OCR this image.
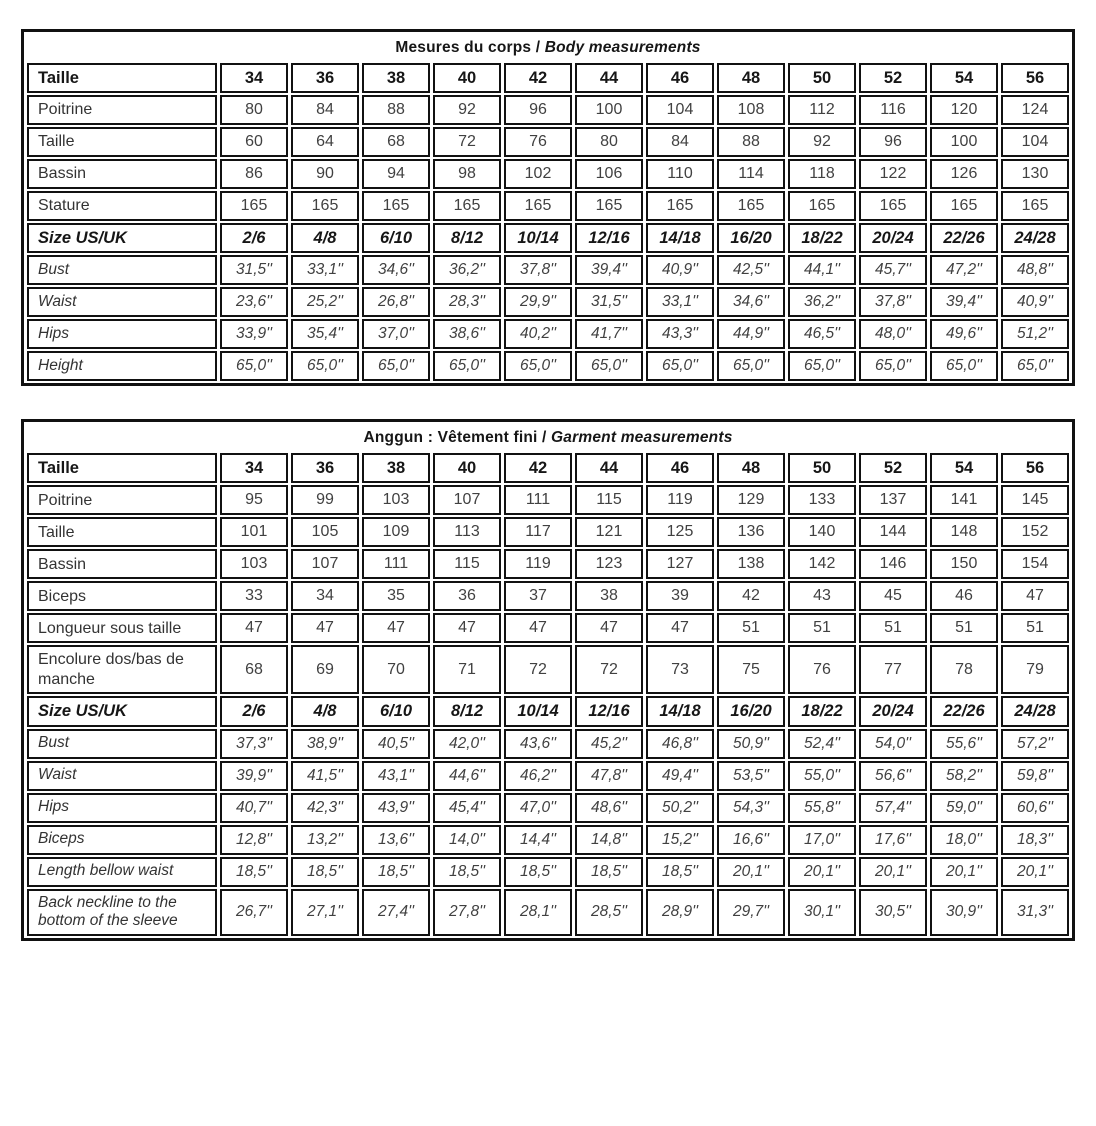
Mesures du corps / Body measurements												
Taille	34	36	38	40	42	44	46	48	50	52	54	56
Poitrine	80	84	88	92	96	100	104	108	112	116	120	124
Taille	60	64	68	72	76	80	84	88	92	96	100	104
Bassin	86	90	94	98	102	106	110	114	118	122	126	130
Stature	165	165	165	165	165	165	165	165	165	165	165	165
Size US/UK	2/6	4/8	6/10	8/12	10/14	12/16	14/18	16/20	18/22	20/24	22/26	24/28
Bust	31,5''	33,1''	34,6''	36,2''	37,8''	39,4''	40,9''	42,5''	44,1''	45,7''	47,2''	48,8''
Waist	23,6''	25,2''	26,8''	28,3''	29,9''	31,5''	33,1''	34,6''	36,2''	37,8''	39,4''	40,9''
Hips	33,9''	35,4''	37,0''	38,6''	40,2''	41,7''	43,3''	44,9''	46,5''	48,0''	49,6''	51,2''
Height	65,0''	65,0''	65,0''	65,0''	65,0''	65,0''	65,0''	65,0''	65,0''	65,0''	65,0''	65,0''
Anggun : Vêtement fini / Garment measurements												
Taille	34	36	38	40	42	44	46	48	50	52	54	56
Poitrine	95	99	103	107	111	115	119	129	133	137	141	145
Taille	101	105	109	113	117	121	125	136	140	144	148	152
Bassin	103	107	111	115	119	123	127	138	142	146	150	154
Biceps	33	34	35	36	37	38	39	42	43	45	46	47
Longueur sous taille	47	47	47	47	47	47	47	51	51	51	51	51
Encolure dos/bas de manche	68	69	70	71	72	72	73	75	76	77	78	79
Size US/UK	2/6	4/8	6/10	8/12	10/14	12/16	14/18	16/20	18/22	20/24	22/26	24/28
Bust	37,3''	38,9''	40,5''	42,0''	43,6''	45,2''	46,8''	50,9''	52,4''	54,0''	55,6''	57,2''
Waist	39,9''	41,5''	43,1''	44,6''	46,2''	47,8''	49,4''	53,5''	55,0''	56,6''	58,2''	59,8''
Hips	40,7''	42,3''	43,9''	45,4''	47,0''	48,6''	50,2''	54,3''	55,8''	57,4''	59,0''	60,6''
Biceps	12,8''	13,2''	13,6''	14,0''	14,4''	14,8''	15,2''	16,6''	17,0''	17,6''	18,0''	18,3''
Length bellow waist	18,5''	18,5''	18,5''	18,5''	18,5''	18,5''	18,5''	20,1''	20,1''	20,1''	20,1''	20,1''
Back neckline to the bottom of the sleeve	26,7''	27,1''	27,4''	27,8''	28,1''	28,5''	28,9''	29,7''	30,1''	30,5''	30,9''	31,3''
